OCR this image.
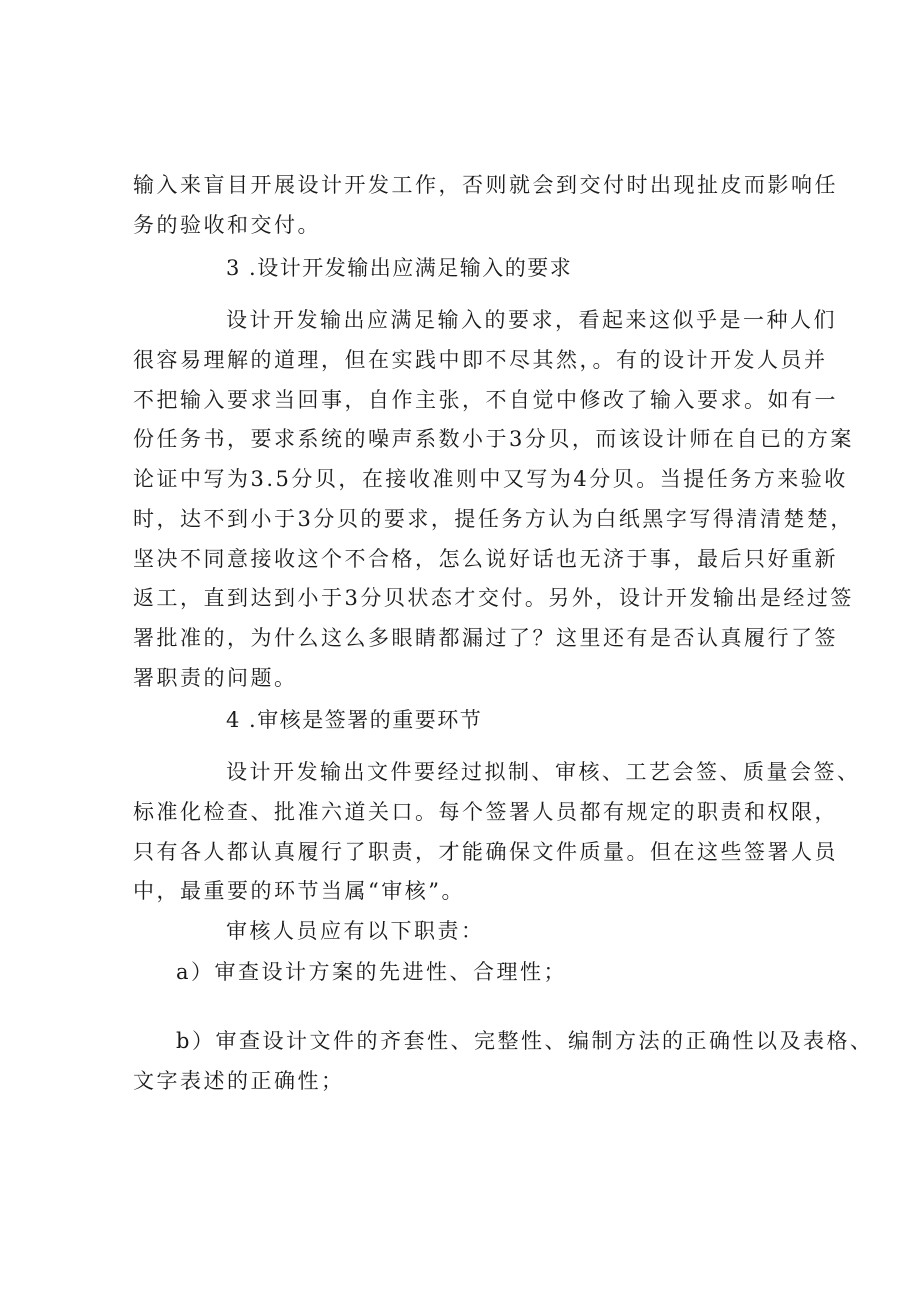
输入来盲目开展设计开发工作，否则就会到交付时出现扯皮而影响任

务的验收和交付。

3 .设计开发输出应满足输入的要求

设计开发输出应满足输入的要求，看起来这似乎是一种人们

很容易理解的道理，但在实践中即不尽其然，。有的设计开发人员并

不把输入要求当回事，自作主张，不自觉中修改了输入要求。如有一

份任务书，要求系统的噪声系数小于3分贝，而该设计师在自已的方案

论证中写为3.5分贝，在接收准则中又写为4分贝。当提任务方来验收

时，达不到小于3分贝的要求，提任务方认为白纸黑字写得清清楚楚，

坚决不同意接收这个不合格，怎么说好话也无济于事，最后只好重新

返工，直到达到小于3分贝状态才交付。另外，设计开发输出是经过签

署批准的，为什么这么多眼睛都漏过了？这里还有是否认真履行了签

署职责的问题。

4 .审核是签署的重要环节

设计开发输出文件要经过拟制、审核、工艺会签、质量会签、

标准化检查、批准六道关口。每个签署人员都有规定的职责和权限，

只有各人都认真履行了职责，才能确保文件质量。但在这些签署人员

中，最重要的环节当属“审核”。

审核人员应有以下职责：

a）审查设计方案的先进性、合理性；

b）审查设计文件的齐套性、完整性、编制方法的正确性以及表格、

文字表述的正确性；
